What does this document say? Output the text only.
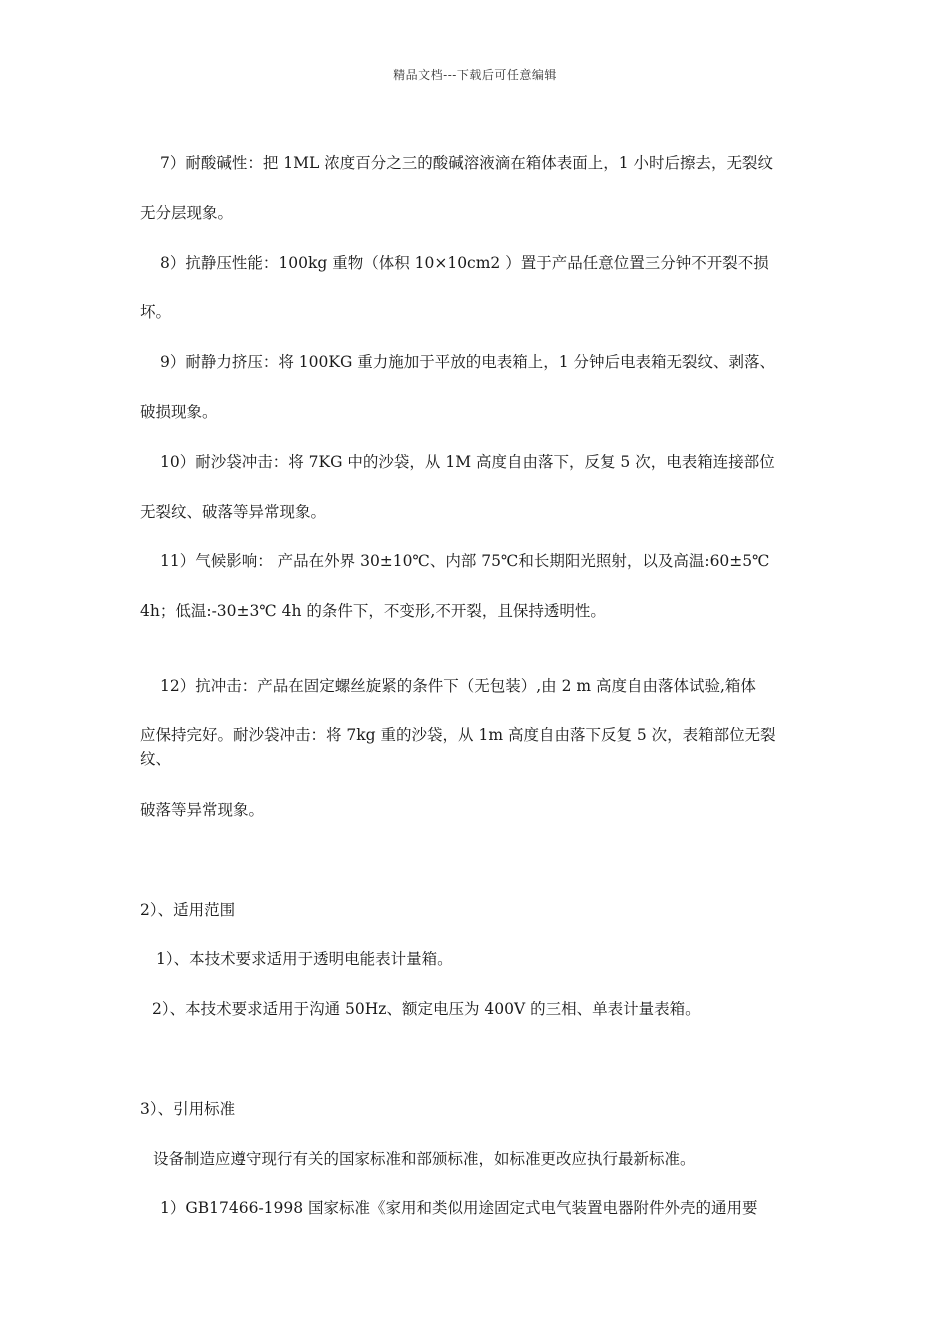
精品文档---下载后可任意编辑
7）耐酸碱性：把 1ML 浓度百分之三的酸碱溶液滴在箱体表面上，1 小时后擦去，无裂纹
无分层现象。
8）抗静压性能：100kg 重物（体积 10×10cm2 ）置于产品任意位置三分钟不开裂不损
坏。
9）耐静力挤压：将 100KG 重力施加于平放的电表箱上，1 分钟后电表箱无裂纹、剥落、
破损现象。
10）耐沙袋冲击：将 7KG 中的沙袋，从 1M 高度自由落下，反复 5 次，电表箱连接部位
无裂纹、破落等异常现象。
11）气候影响： 产品在外界 30±10℃、内部 75℃和长期阳光照射，以及高温:60±5℃
4h；低温:-30±3℃ 4h 的条件下，不变形,不开裂，且保持透明性。
12）抗冲击：产品在固定螺丝旋紧的条件下（无包装）,由 2 m 高度自由落体试验,箱体
应保持完好。耐沙袋冲击：将 7kg 重的沙袋，从 1m 高度自由落下反复 5 次，表箱部位无裂
纹、
破落等异常现象。
2）、适用范围
1）、本技术要求适用于透明电能表计量箱。
2）、本技术要求适用于沟通 50Hz、额定电压为 400V 的三相、单表计量表箱。
3）、引用标准
设备制造应遵守现行有关的国家标准和部颁标准，如标准更改应执行最新标准。
1）GB17466-1998 国家标准《家用和类似用途固定式电气装置电器附件外壳的通用要
